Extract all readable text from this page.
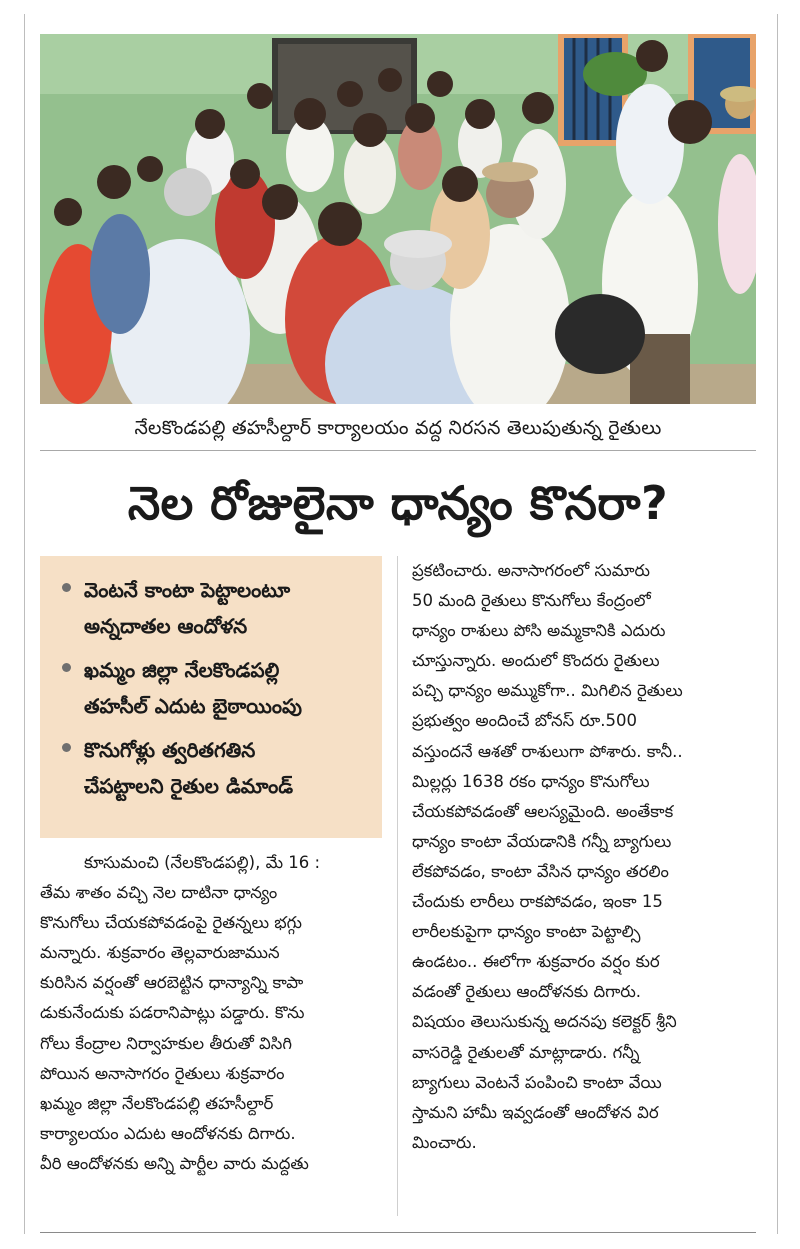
నేలకొండపల్లి తహసీల్దార్ కార్యాలయం వద్ద నిరసన తెలుపుతున్న రైతులు
నెల రోజులైనా ధాన్యం కొనరా?
వెంటనే కాంటా పెట్టాలంటూ
అన్నదాతల ఆందోళన
ఖమ్మం జిల్లా నేలకొండపల్లి
తహసీల్ ఎదుట బైఠాయింపు
కొనుగోళ్లు త్వరితగతిన
చేపట్టాలని రైతుల డిమాండ్
కూసుమంచి (నేలకొండపల్లి), మే 16 :
తేమ శాతం వచ్చి నెల దాటినా ధాన్యం
కొనుగోలు చేయకపోవడంపై రైతన్నలు భగ్గు
మన్నారు. శుక్రవారం తెల్లవారుజామున
కురిసిన వర్షంతో ఆరబెట్టిన ధాన్యాన్ని కాపా
డుకునేందుకు పడరానిపాట్లు పడ్డారు. కొను
గోలు కేంద్రాల నిర్వాహకుల తీరుతో విసిగి
పోయిన అనాసాగరం రైతులు శుక్రవారం
ఖమ్మం జిల్లా నేలకొండపల్లి తహసీల్దార్
కార్యాలయం ఎదుట ఆందోళనకు దిగారు.
వీరి ఆందోళనకు అన్ని పార్టీల వారు మద్దతు
ప్రకటించారు. అనాసాగరంలో సుమారు
50 మంది రైతులు కొనుగోలు కేంద్రంలో
ధాన్యం రాశులు పోసి అమ్మకానికి ఎదురు
చూస్తున్నారు. అందులో కొందరు రైతులు
పచ్చి ధాన్యం అమ్ముకోగా.. మిగిలిన రైతులు
ప్రభుత్వం అందించే బోనస్ రూ.500
వస్తుందనే ఆశతో రాశులుగా పోశారు. కానీ..
మిల్లర్లు 1638 రకం ధాన్యం కొనుగోలు
చేయకపోవడంతో ఆలస్యమైంది. అంతేకాక
ధాన్యం కాంటా వేయడానికి గన్నీ బ్యాగులు
లేకపోవడం, కాంటా వేసిన ధాన్యం తరలిం
చేందుకు లారీలు రాకపోవడం, ఇంకా 15
లారీలకుపైగా ధాన్యం కాంటా పెట్టాల్సి
ఉండటం.. ఈలోగా శుక్రవారం వర్షం కుర
వడంతో రైతులు ఆందోళనకు దిగారు.
విషయం తెలుసుకున్న అదనపు కలెక్టర్ శ్రీని
వాసరెడ్డి రైతులతో మాట్లాడారు. గన్నీ
బ్యాగులు వెంటనే పంపించి కాంటా వేయి
స్తామని హామీ ఇవ్వడంతో ఆందోళన విర
మించారు.
